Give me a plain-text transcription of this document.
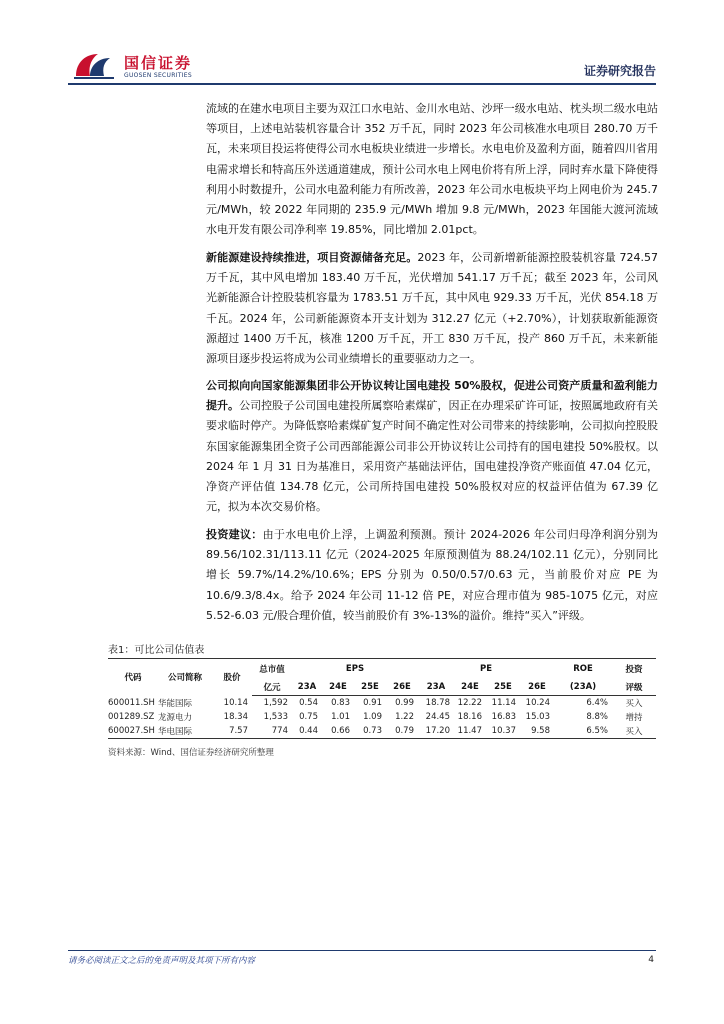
国信证券
GUOSEN SECURITIES	证券研究报告
流域的在建水电项目主要为双江口水电站、金川水电站、沙坪一级水电站、枕头坝二级水电站等项目，上述电站装机容量合计 352 万千瓦，同时 2023 年公司核准水电项目 280.70 万千瓦，未来项目投运将使得公司水电板块业绩进一步增长。水电电价及盈利方面，随着四川省用电需求增长和特高压外送通道建成，预计公司水电上网电价将有所上浮，同时弃水量下降使得利用小时数提升，公司水电盈利能力有所改善，2023 年公司水电板块平均上网电价为 245.7 元/MWh，较 2022 年同期的 235.9 元/MWh 增加 9.8 元/MWh，2023 年国能大渡河流域水电开发有限公司净利率 19.85%，同比增加 2.01pct。
新能源建设持续推进，项目资源储备充足。2023 年，公司新增新能源控股装机容量 724.57 万千瓦，其中风电增加 183.40 万千瓦，光伏增加 541.17 万千瓦；截至 2023 年，公司风光新能源合计控股装机容量为 1783.51 万千瓦，其中风电 929.33 万千瓦，光伏 854.18 万千瓦。2024 年，公司新能源资本开支计划为 312.27 亿元（+2.70%），计划获取新能源资源超过 1400 万千瓦，核准 1200 万千瓦，开工 830 万千瓦，投产 860 万千瓦，未来新能源项目逐步投运将成为公司业绩增长的重要驱动力之一。
公司拟向向国家能源集团非公开协议转让国电建投 50%股权，促进公司资产质量和盈利能力提升。公司控股子公司国电建投所属察哈素煤矿，因正在办理采矿许可证，按照属地政府有关要求临时停产。为降低察哈素煤矿复产时间不确定性对公司带来的持续影响，公司拟向控股股东国家能源集团全资子公司西部能源公司非公开协议转让公司持有的国电建投 50%股权。以 2024 年 1 月 31 日为基准日，采用资产基础法评估，国电建投净资产账面值 47.04 亿元，净资产评估值 134.78 亿元，公司所持国电建投 50%股权对应的权益评估值为 67.39 亿元，拟为本次交易价格。
投资建议：由于水电电价上浮，上调盈利预测。预计 2024-2026 年公司归母净利润分别为 89.56/102.31/113.11 亿元（2024-2025 年原预测值为 88.24/102.11 亿元），分别同比增长 59.7%/14.2%/10.6%；EPS 分别为 0.50/0.57/0.63 元，当前股价对应 PE 为 10.6/9.3/8.4x。给予 2024 年公司 11-12 倍 PE，对应合理市值为 985-1075 亿元，对应 5.52-6.03 元/股合理价值，较当前股价有 3%-13%的溢价。维持“买入”评级。
表1：可比公司估值表
代码	公司简称	股价	总市值	EPS				PE				ROE	投资
			亿元	23A	24E	25E	26E	23A	24E	25E	26E	(23A)	评级
600011.SH	华能国际	10.14	1,592	0.54	0.83	0.91	0.99	18.78	12.22	11.14	10.24	6.4%	买入
001289.SZ	龙源电力	18.34	1,533	0.75	1.01	1.09	1.22	24.45	18.16	16.83	15.03	8.8%	增持
600027.SH	华电国际	7.57	774	0.44	0.66	0.73	0.79	17.20	11.47	10.37	9.58	6.5%	买入
资料来源：Wind、国信证券经济研究所整理
请务必阅读正文之后的免责声明及其项下所有内容	4
